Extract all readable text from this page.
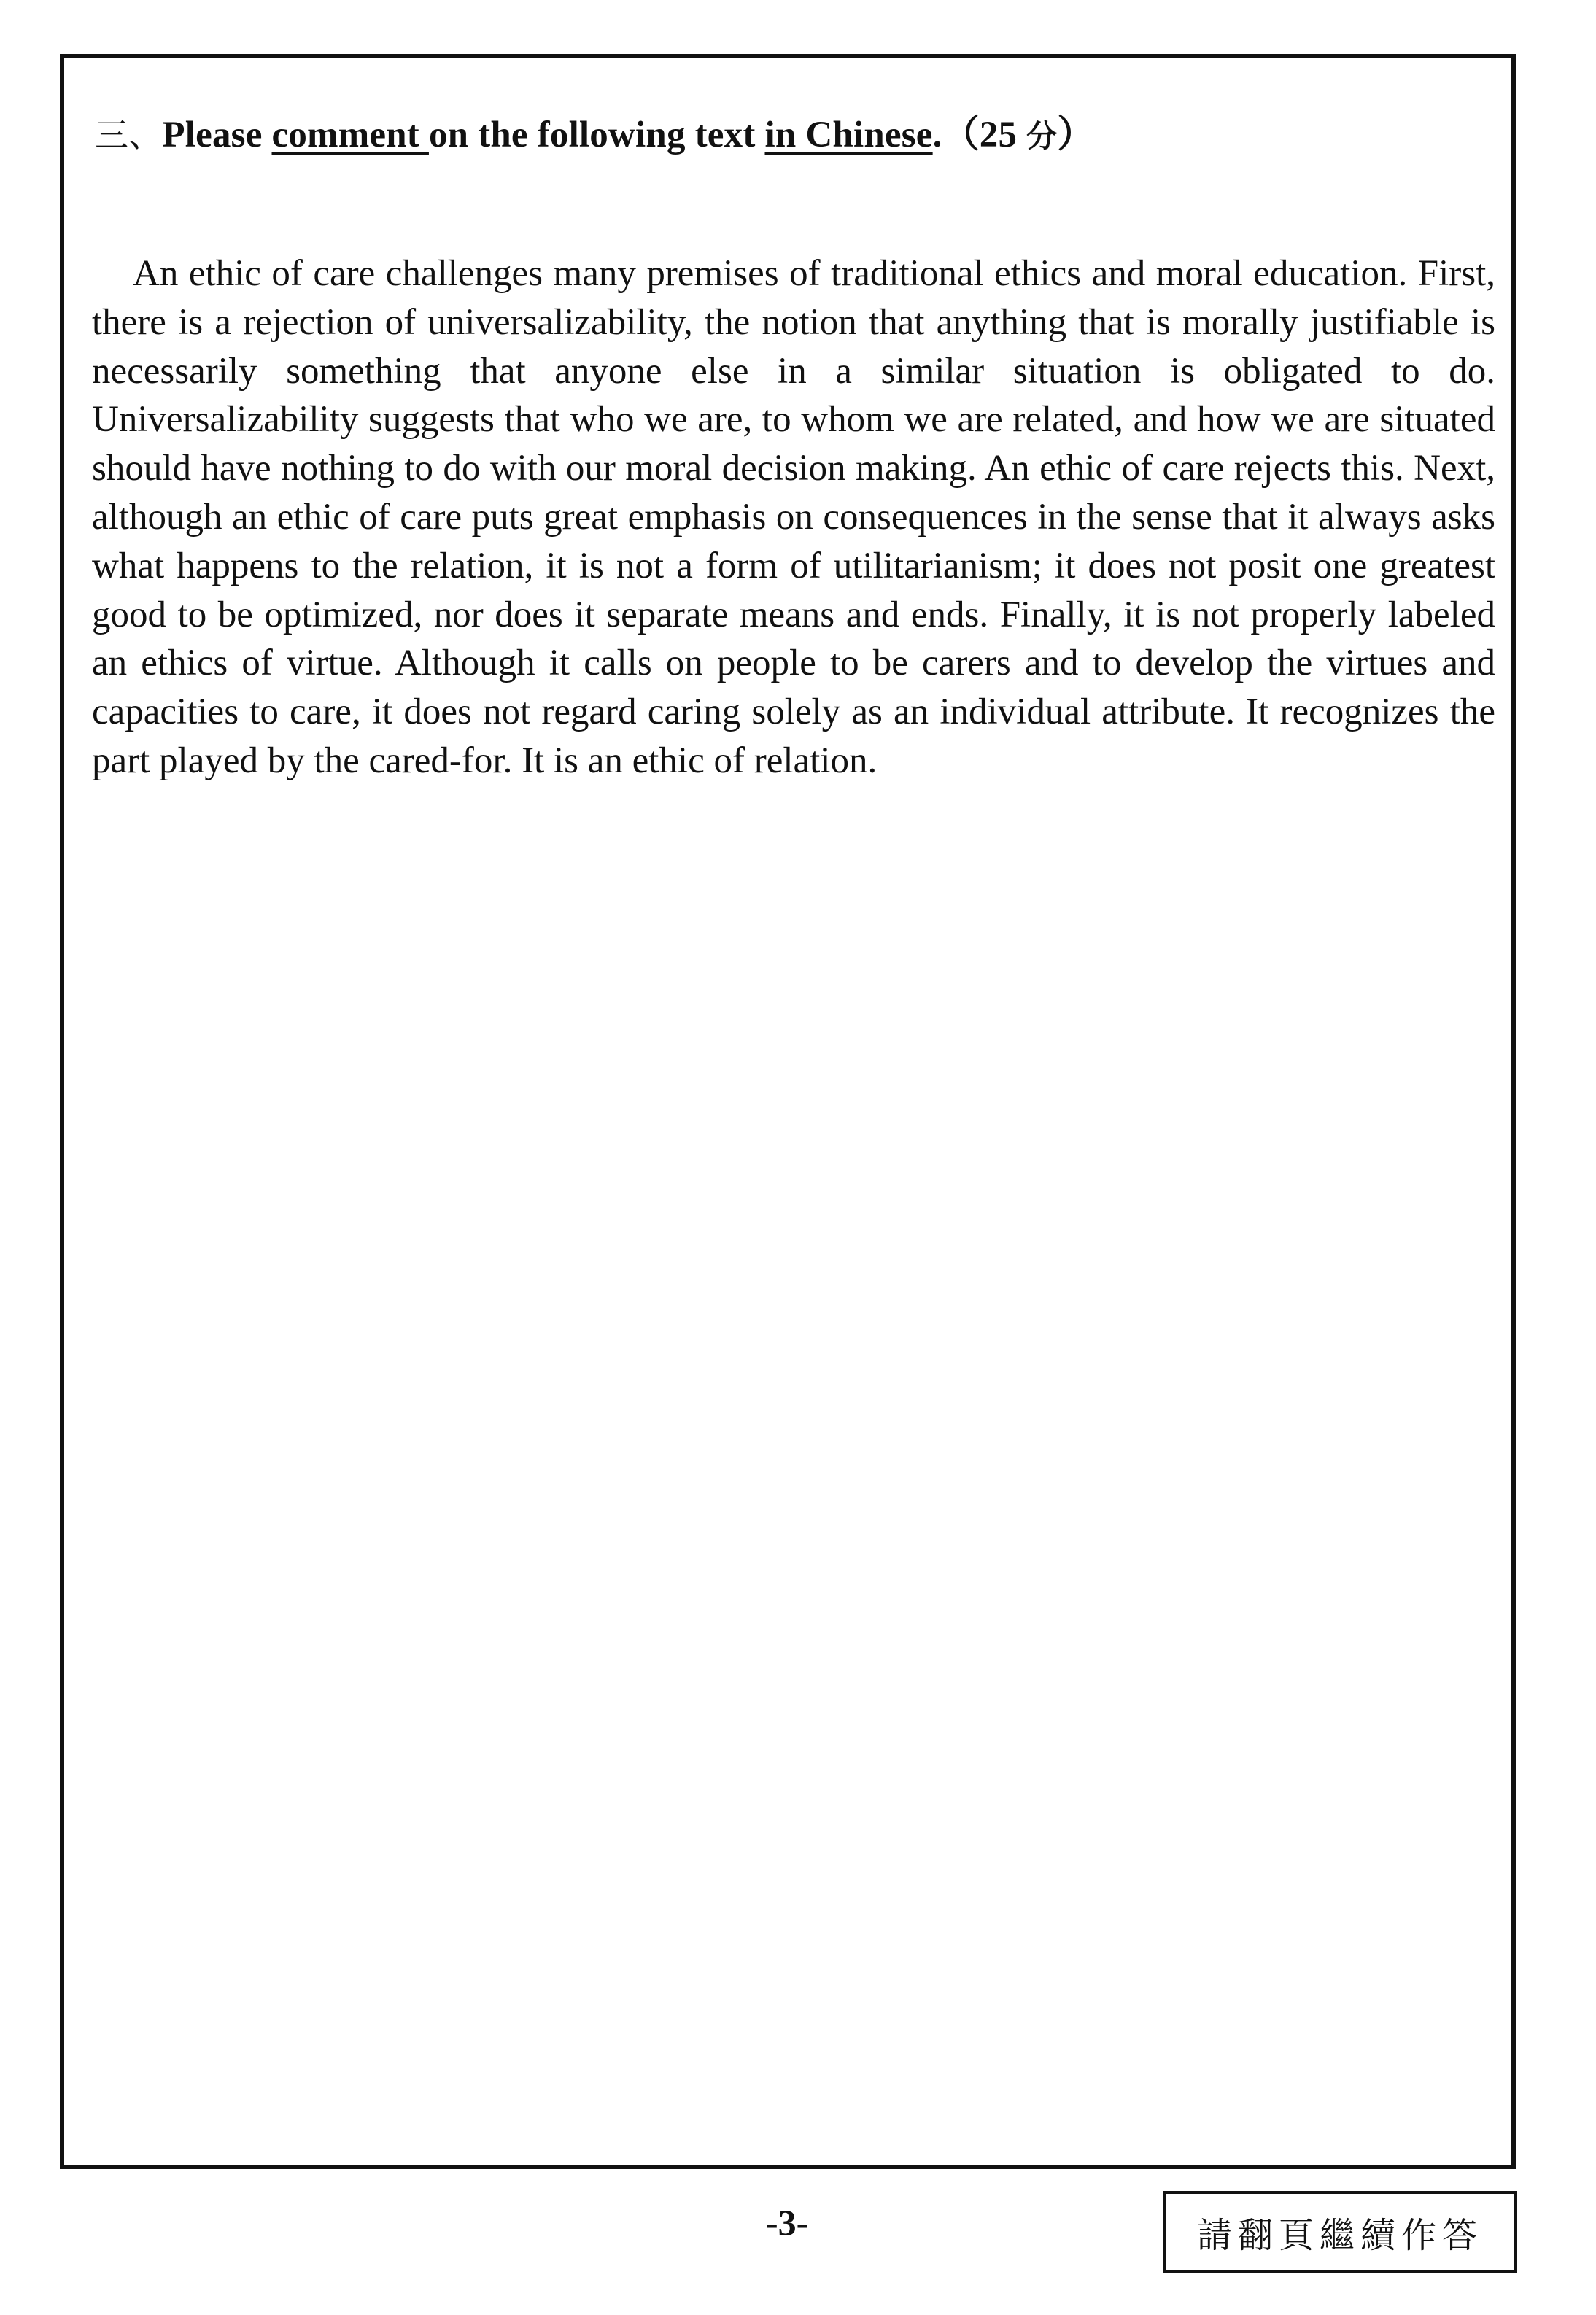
三、Please comment on the following text in Chinese.（25 分）

An ethic of care challenges many premises of traditional ethics and moral education. First, there is a rejection of universalizability, the notion that anything that is morally justifiable is necessarily something that anyone else in a similar situation is obligated to do. Universalizability suggests that who we are, to whom we are related, and how we are situated should have nothing to do with our moral decision making. An ethic of care rejects this. Next, although an ethic of care puts great emphasis on consequences in the sense that it always asks what happens to the relation, it is not a form of utilitarianism; it does not posit one greatest good to be optimized, nor does it separate means and ends. Finally, it is not properly labeled an ethics of virtue. Although it calls on people to be carers and to develop the virtues and capacities to care, it does not regard caring solely as an individual attribute. It recognizes the part played by the cared-for. It is an ethic of relation.

-3-	請翻頁繼續作答
